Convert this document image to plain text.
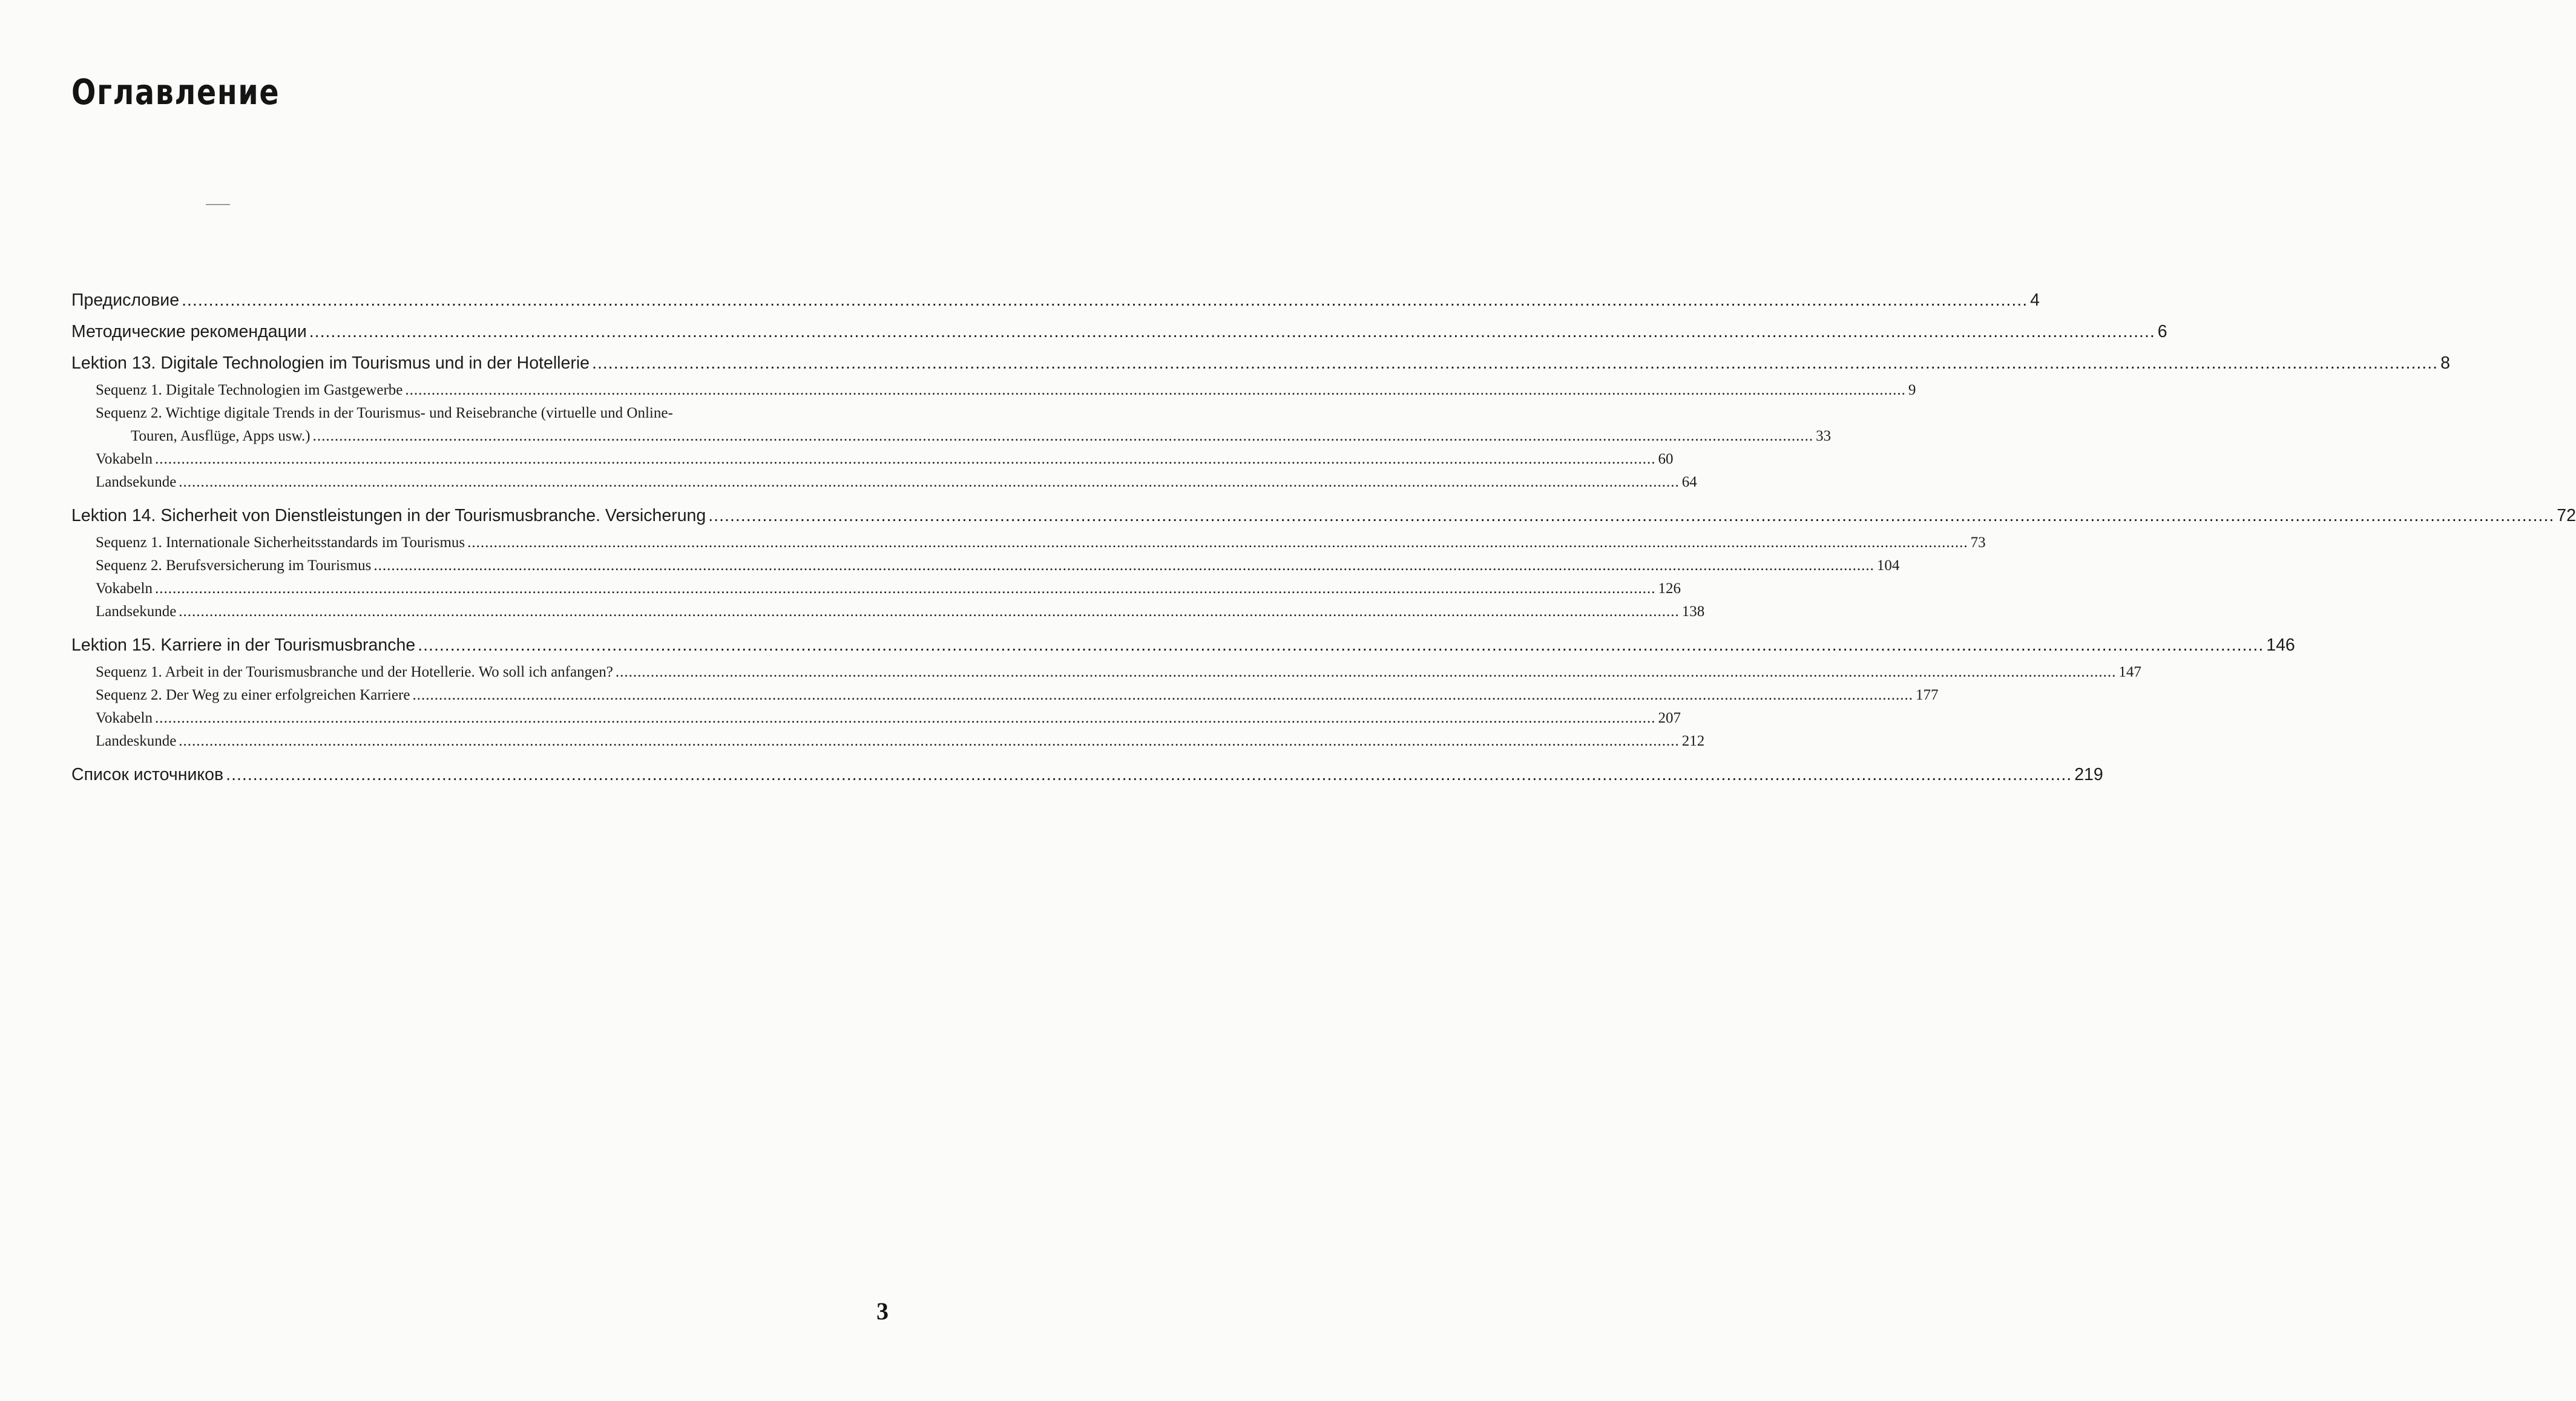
Оглавление
Предисловие .....	4
Методические рекомендации .....	6
Lektion 13. Digitale Technologien im Tourismus und in der Hotellerie .....	8
Sequenz 1. Digitale Technologien im Gastgewerbe .....	9
Sequenz 2. Wichtige digitale Trends in der Tourismus- und Reisebranche (virtuelle und Online-
Touren, Ausflüge, Apps usw.) .....	33
Vokabeln .....	60
Landsekunde .....	64
Lektion 14. Sicherheit von Dienstleistungen in der Tourismusbranche. Versicherung .....	72
Sequenz 1. Internationale Sicherheitsstandards im Tourismus .....	73
Sequenz 2. Berufsversicherung im Tourismus .....	104
Vokabeln .....	126
Landsekunde .....	138
Lektion 15. Karriere in der Tourismusbranche .....	146
Sequenz 1. Arbeit in der Tourismusbranche und der Hotellerie. Wo soll ich anfangen? .....	147
Sequenz 2. Der Weg zu einer erfolgreichen Karriere .....	177
Vokabeln .....	207
Landeskunde .....	212
Список источников .....	219
3
